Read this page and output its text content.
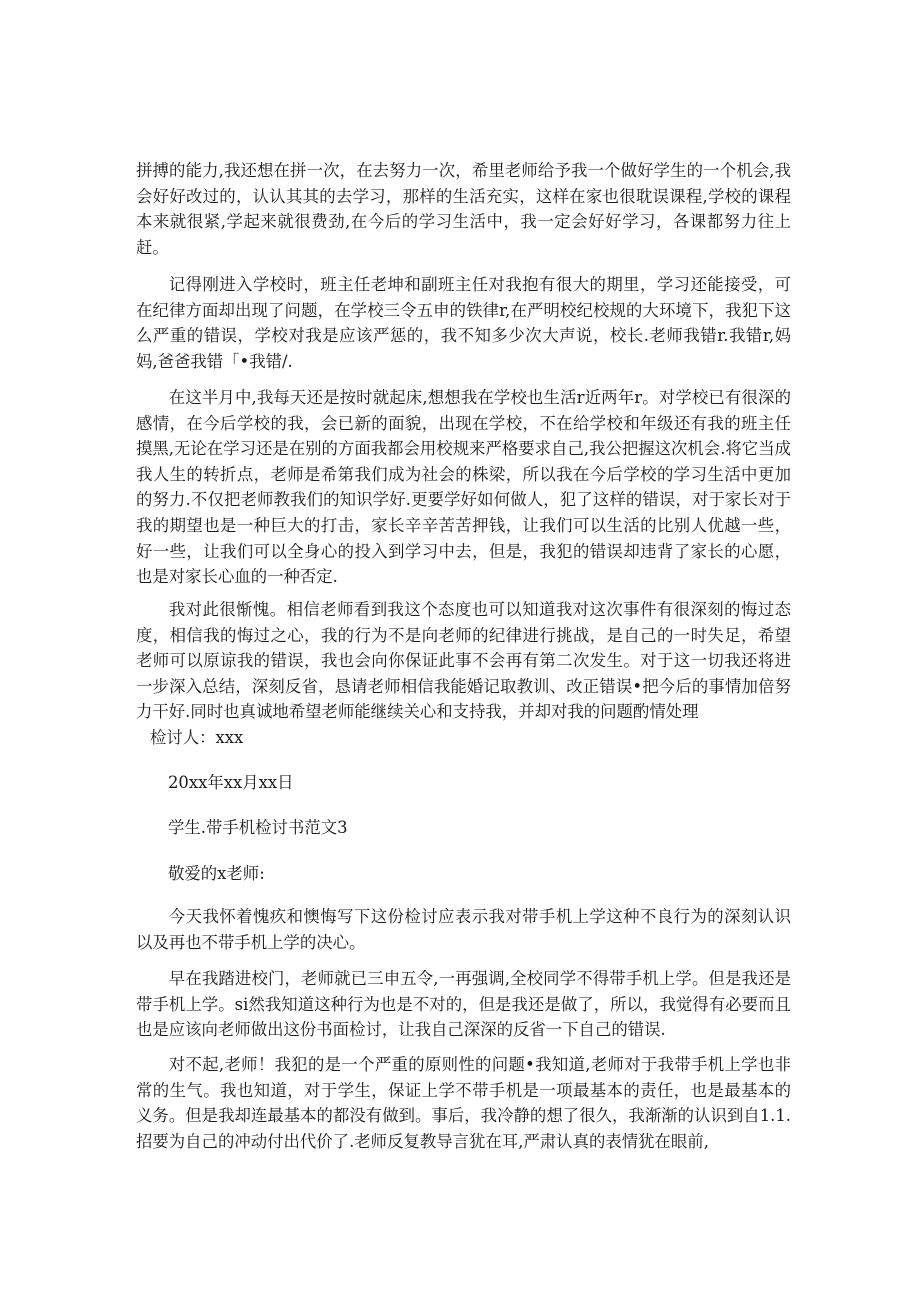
拼搏的能力,我还想在拼一次，在去努力一次，希里老师给予我一个做好学生的一个机会,我会好好改过的，认认其其的去学习，那样的生活充实，这样在家也很耽误课程,学校的课程本来就很紧,学起来就很费劲,在今后的学习生活中，我一定会好好学习，各课都努力往上赶。

记得刚进入学校时，班主任老坤和副班主任对我抱有很大的期里，学习还能接受，可在纪律方面却出现了问题，在学校三令五申的铁律r,在严明校纪校规的大环境下，我犯下这么严重的错误，学校对我是应该严惩的，我不知多少次大声说，校长.老师我错r.我错r,妈妈,爸爸我错「•我错/.

在这半月中,我每天还是按时就起床,想想我在学校也生活r近两年r。对学校已有很深的感情，在今后学校的我，会已新的面貌，出现在学校，不在给学校和年级还有我的班主任摸黑,无论在学习还是在别的方面我都会用校规来严格要求自己,我公把握这次机会.将它当成我人生的转折点，老师是希第我们成为社会的株梁，所以我在今后学校的学习生活中更加的努力.不仅把老师教我们的知识学好.更要学好如何做人，犯了这样的错误，对于家长对于我的期望也是一种巨大的打击，家长辛辛苦苦押钱，让我们可以生活的比别人优越一些，好一些，让我们可以全身心的投入到学习中去，但是，我犯的错误却违背了家长的心愿，也是对家长心血的一种否定.

我对此很惭愧。相信老师看到我这个态度也可以知道我对这次事件有很深刻的悔过态度，相信我的悔过之心，我的行为不是向老师的纪律进行挑战，是自己的一时失足，希望老师可以原谅我的错误，我也会向你保证此事不会再有第二次发生。对于这一切我还将进一步深入总结，深刻反省，恳请老师相信我能婚记取教训、改正错误•把今后的事情加倍努力干好.同时也真诚地希望老师能继续关心和支持我，并却对我的问题酌情处理

检讨人：xxx

20xx年xx月xx日

学生.带手机检讨书范文3

敬爱的x老师:

今天我怀着愧疚和懊悔写下这份检讨应表示我对带手机上学这种不良行为的深刻认识以及再也不带手机上学的决心。

早在我踏进校门，老师就已三申五令,一再强调,全校同学不得带手机上学。但是我还是带手机上学。si然我知道这种行为也是不对的，但是我还是做了，所以，我觉得有必要而且也是应该向老师做出这份书面检讨，让我自己深深的反省一下自己的错误.

对不起,老师！我犯的是一个严重的原则性的问题•我知道,老师对于我带手机上学也非常的生气。我也知道，对于学生，保证上学不带手机是一项最基本的责任，也是最基本的义务。但是我却连最基本的都没有做到。事后，我冷静的想了很久，我渐渐的认识到自1.1.招要为自己的冲动付出代价了.老师反复教导言犹在耳,严肃认真的表情犹在眼前,
